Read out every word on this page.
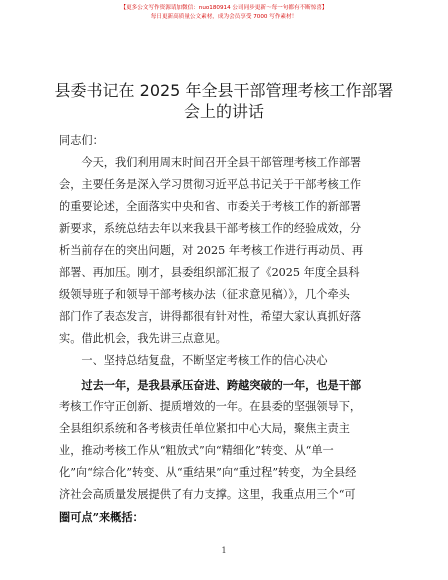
【更多公文写作资源请加微信：nuo180914 公司同步更新～每一句都有不断惊喜】
每日更新高质量公文素材，成为会员享受 7000 写作素材！
县委书记在 2025 年全县干部管理考核工作部署
会上的讲话
同志们：
　　今天，我们利用周末时间召开全县干部管理考核工作部署
会，主要任务是深入学习贯彻习近平总书记关于干部考核工作
的重要论述，全面落实中央和省、市委关于考核工作的新部署
新要求，系统总结去年以来我县干部考核工作的经验成效，分
析当前存在的突出问题，对 2025 年考核工作进行再动员、再
部署、再加压。刚才，县委组织部汇报了《2025 年度全县科
级领导班子和领导干部考核办法（征求意见稿）》，几个牵头
部门作了表态发言，讲得都很有针对性，希望大家认真抓好落
实。借此机会，我先讲三点意见。
　　一、坚持总结复盘，不断坚定考核工作的信心决心
　　过去一年，是我县承压奋进、跨越突破的一年，也是干部
考核工作守正创新、提质增效的一年。在县委的坚强领导下，
全县组织系统和各考核责任单位紧扣中心大局，聚焦主责主
业，推动考核工作从“粗放式”向“精细化”转变、从“单一
化”向“综合化”转变、从“重结果”向“重过程”转变，为全县经
济社会高质量发展提供了有力支撑。这里，我重点用三个“可
圈可点”来概括：
1
